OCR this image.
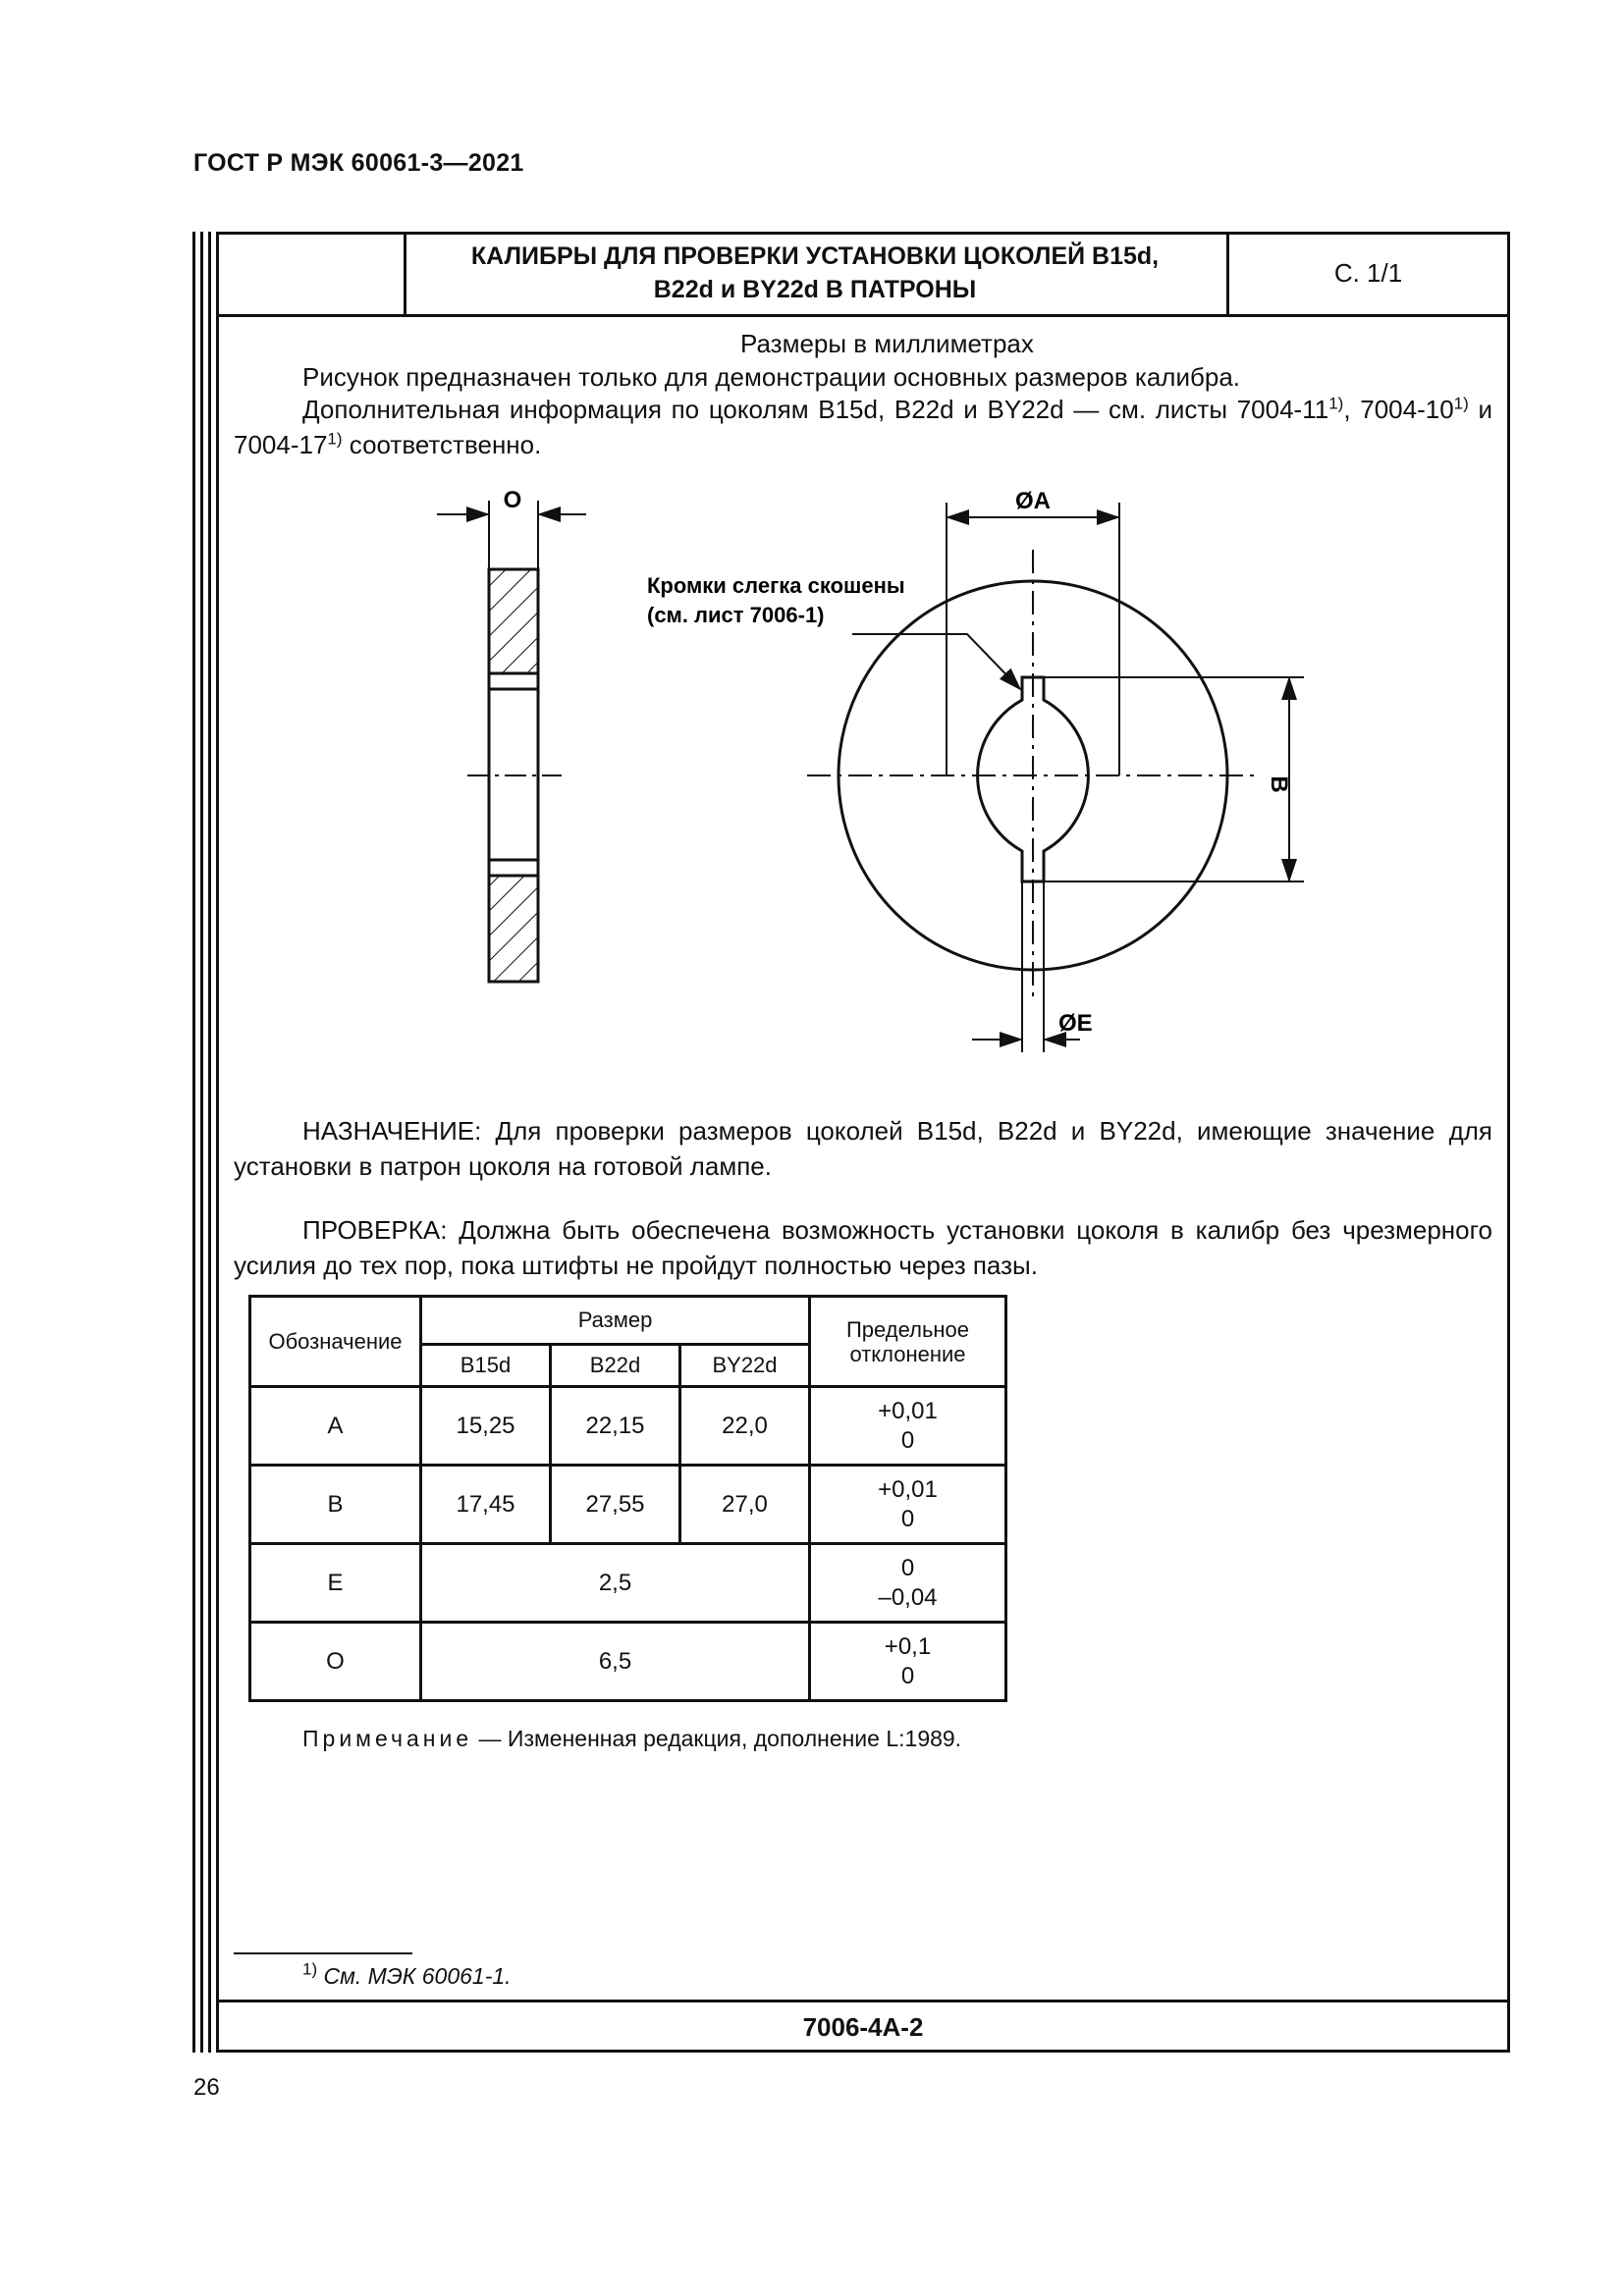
ГОСТ Р МЭК 60061-3—2021
КАЛИБРЫ ДЛЯ ПРОВЕРКИ УСТАНОВКИ ЦОКОЛЕЙ B15d,
B22d и BY22d В ПАТРОНЫ
С. 1/1
Размеры в миллиметрах
Рисунок предназначен только для демонстрации основных размеров калибра.
Дополнительная информация по цоколям B15d, B22d и BY22d — см. листы 7004-11$^{1)}$, 7004-10$^{1)}$ и 7004-17$^{1)}$ соответственно.
O	ØA
B
ØE
Кромки слегка скошены
(см. лист 7006-1)
НАЗНАЧЕНИЕ: Для проверки размеров цоколей B15d, B22d и BY22d, имеющие значение для установки в патрон цоколя на готовой лампе.
ПРОВЕРКА: Должна быть обеспечена возможность установки цоколя в калибр без чрезмерного усилия до тех пор, пока штифты не пройдут полностью через пазы.
Обозначение	Размер			Предельное
отклонение

	B15d	B22d	BY22d	
A	15,25	22,15	22,0	+0,01
0

B	17,45	27,55	27,0	+0,01
0

E	2,5			0
–0,04

O	6,5			+0,1
0
Примечание — Измененная редакция, дополнение L:1989.
$^{1)}$ См. МЭК 60061-1.
7006-4A-2
26
